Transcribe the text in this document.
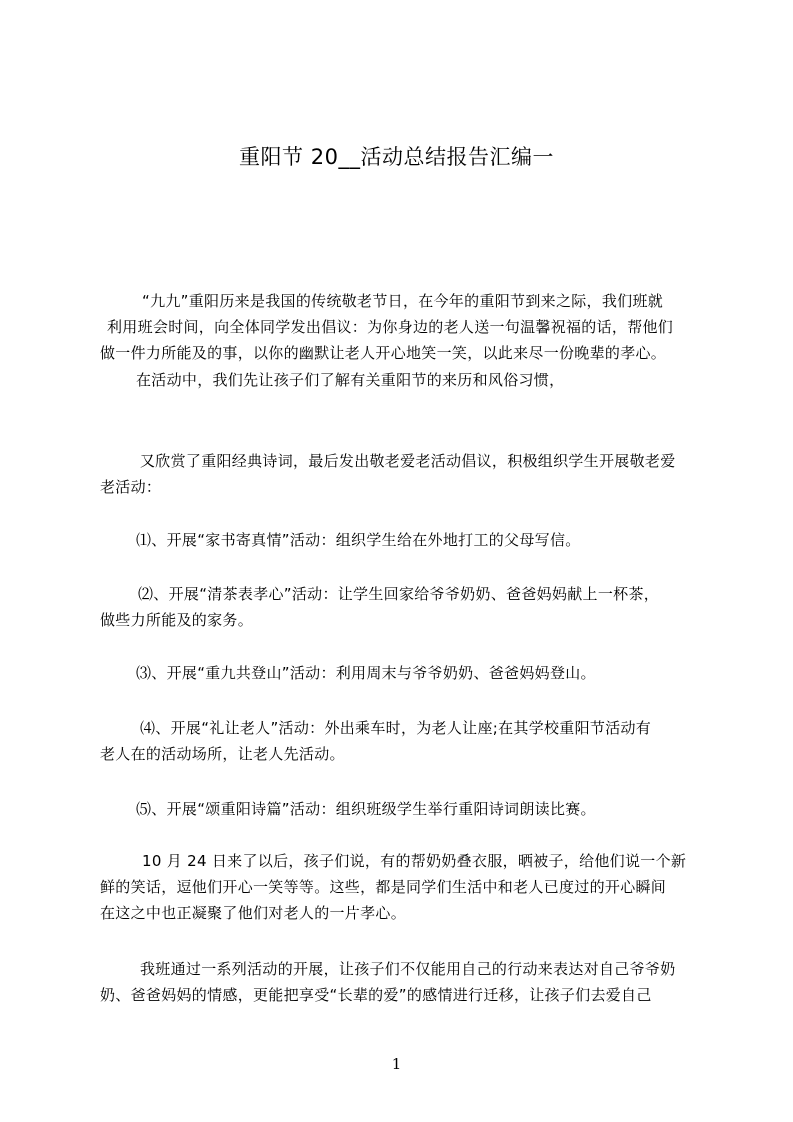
重阳节 20__活动总结报告汇编一
“九九”重阳历来是我国的传统敬老节日，在今年的重阳节到来之际，我们班就
利用班会时间，向全体同学发出倡议：为你身边的老人送一句温馨祝福的话，帮他们
做一件力所能及的事，以你的幽默让老人开心地笑一笑，以此来尽一份晚辈的孝心。
在活动中，我们先让孩子们了解有关重阳节的来历和风俗习惯，
又欣赏了重阳经典诗词，最后发出敬老爱老活动倡议，积极组织学生开展敬老爱
老活动：
⑴、开展“家书寄真情”活动：组织学生给在外地打工的父母写信。
⑵、开展“清茶表孝心”活动：让学生回家给爷爷奶奶、爸爸妈妈献上一杯茶，
做些力所能及的家务。
⑶、开展“重九共登山”活动：利用周末与爷爷奶奶、爸爸妈妈登山。
⑷、开展“礼让老人”活动：外出乘车时，为老人让座;在其学校重阳节活动有
老人在的活动场所，让老人先活动。
⑸、开展“颂重阳诗篇”活动：组织班级学生举行重阳诗词朗读比赛。
10 月 24 日来了以后，孩子们说，有的帮奶奶叠衣服，晒被子，给他们说一个新
鲜的笑话，逗他们开心一笑等等。这些，都是同学们生活中和老人已度过的开心瞬间
在这之中也正凝聚了他们对老人的一片孝心。
我班通过一系列活动的开展，让孩子们不仅能用自己的行动来表达对自己爷爷奶
奶、爸爸妈妈的情感，更能把享受“长辈的爱”的感情进行迁移，让孩子们去爱自己
1
